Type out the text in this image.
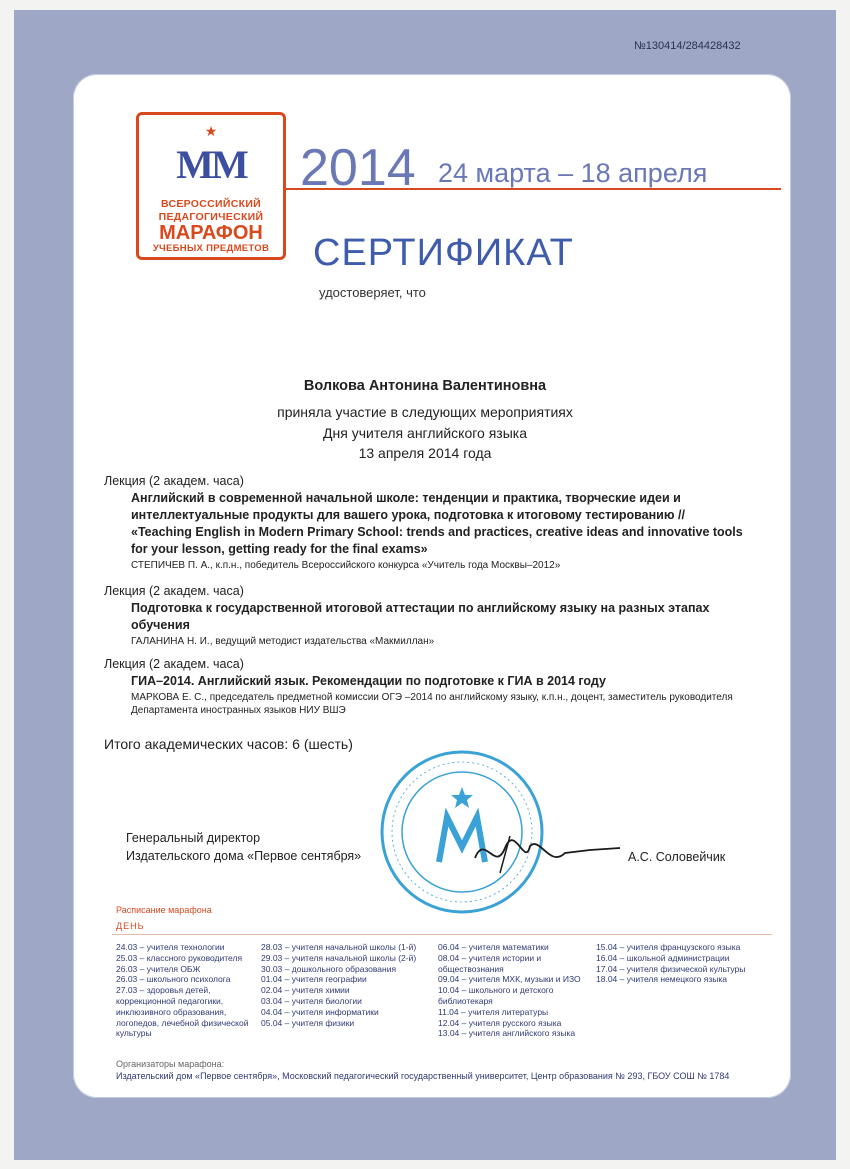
№130414/284428432
★
ММ
ВСЕРОССИЙСКИЙ
ПЕДАГОГИЧЕСКИЙ
МАРАФОН
УЧЕБНЫХ ПРЕДМЕТОВ
2014 24 марта – 18 апреля
СЕРТИФИКАТ
удостоверяет, что
Волкова Антонина Валентиновна
приняла участие в следующих мероприятиях
Дня учителя английского языка
13 апреля 2014 года
Лекция (2 академ. часа)
Английский в современной начальной школе: тенденции и практика, творческие идеи и интеллектуальные продукты для вашего урока, подготовка к итоговому тестированию // «Teaching English in Modern Primary School: trends and practices, creative ideas and innovative tools for your lesson, getting ready for the final exams»
СТЕПИЧЕВ П. А., к.п.н., победитель Всероссийского конкурса «Учитель года Москвы–2012»
Лекция (2 академ. часа)
Подготовка к государственной итоговой аттестации по английскому языку на разных этапах обучения
ГАЛАНИНА Н. И., ведущий методист издательства «Макмиллан»
Лекция (2 академ. часа)
ГИА–2014. Английский язык. Рекомендации по подготовке к ГИА в 2014 году
МАРКОВА Е. С., председатель предметной комиссии ОГЭ –2014 по английскому языку, к.п.н., доцент, заместитель руководителя Департамента иностранных языков НИУ ВШЭ
Итого академических часов: 6 (шесть)
Генеральный директор
Издательского дома «Первое сентября»	А.С. Соловейчик
Расписание марафона
ДЕНЬ
24.03 – учителя технологии
25.03 – классного руководителя
26.03 – учителя ОБЖ
26.03 – школьного психолога
27.03 – здоровья детей, коррекционной педагогики, инклюзивного образования, логопедов, лечебной физической культуры
28.03 – учителя начальной школы (1-й)
29.03 – учителя начальной школы (2-й)
30.03 – дошкольного образования
01.04 – учителя географии
02.04 – учителя химии
03.04 – учителя биологии
04.04 – учителя информатики
05.04 – учителя физики
06.04 – учителя математики
08.04 – учителя истории и обществознания
09.04 – учителя МХК, музыки и ИЗО
10.04 – школьного и детского библиотекаря
11.04 – учителя литературы
12.04 – учителя русского языка
13.04 – учителя английского языка
15.04 – учителя французского языка
16.04 – школьной администрации
17.04 – учителя физической культуры
18.04 – учителя немецкого языка
Организаторы марафона:
Издательский дом «Первое сентября», Московский педагогический государственный университет, Центр образования № 293, ГБОУ СОШ № 1784
